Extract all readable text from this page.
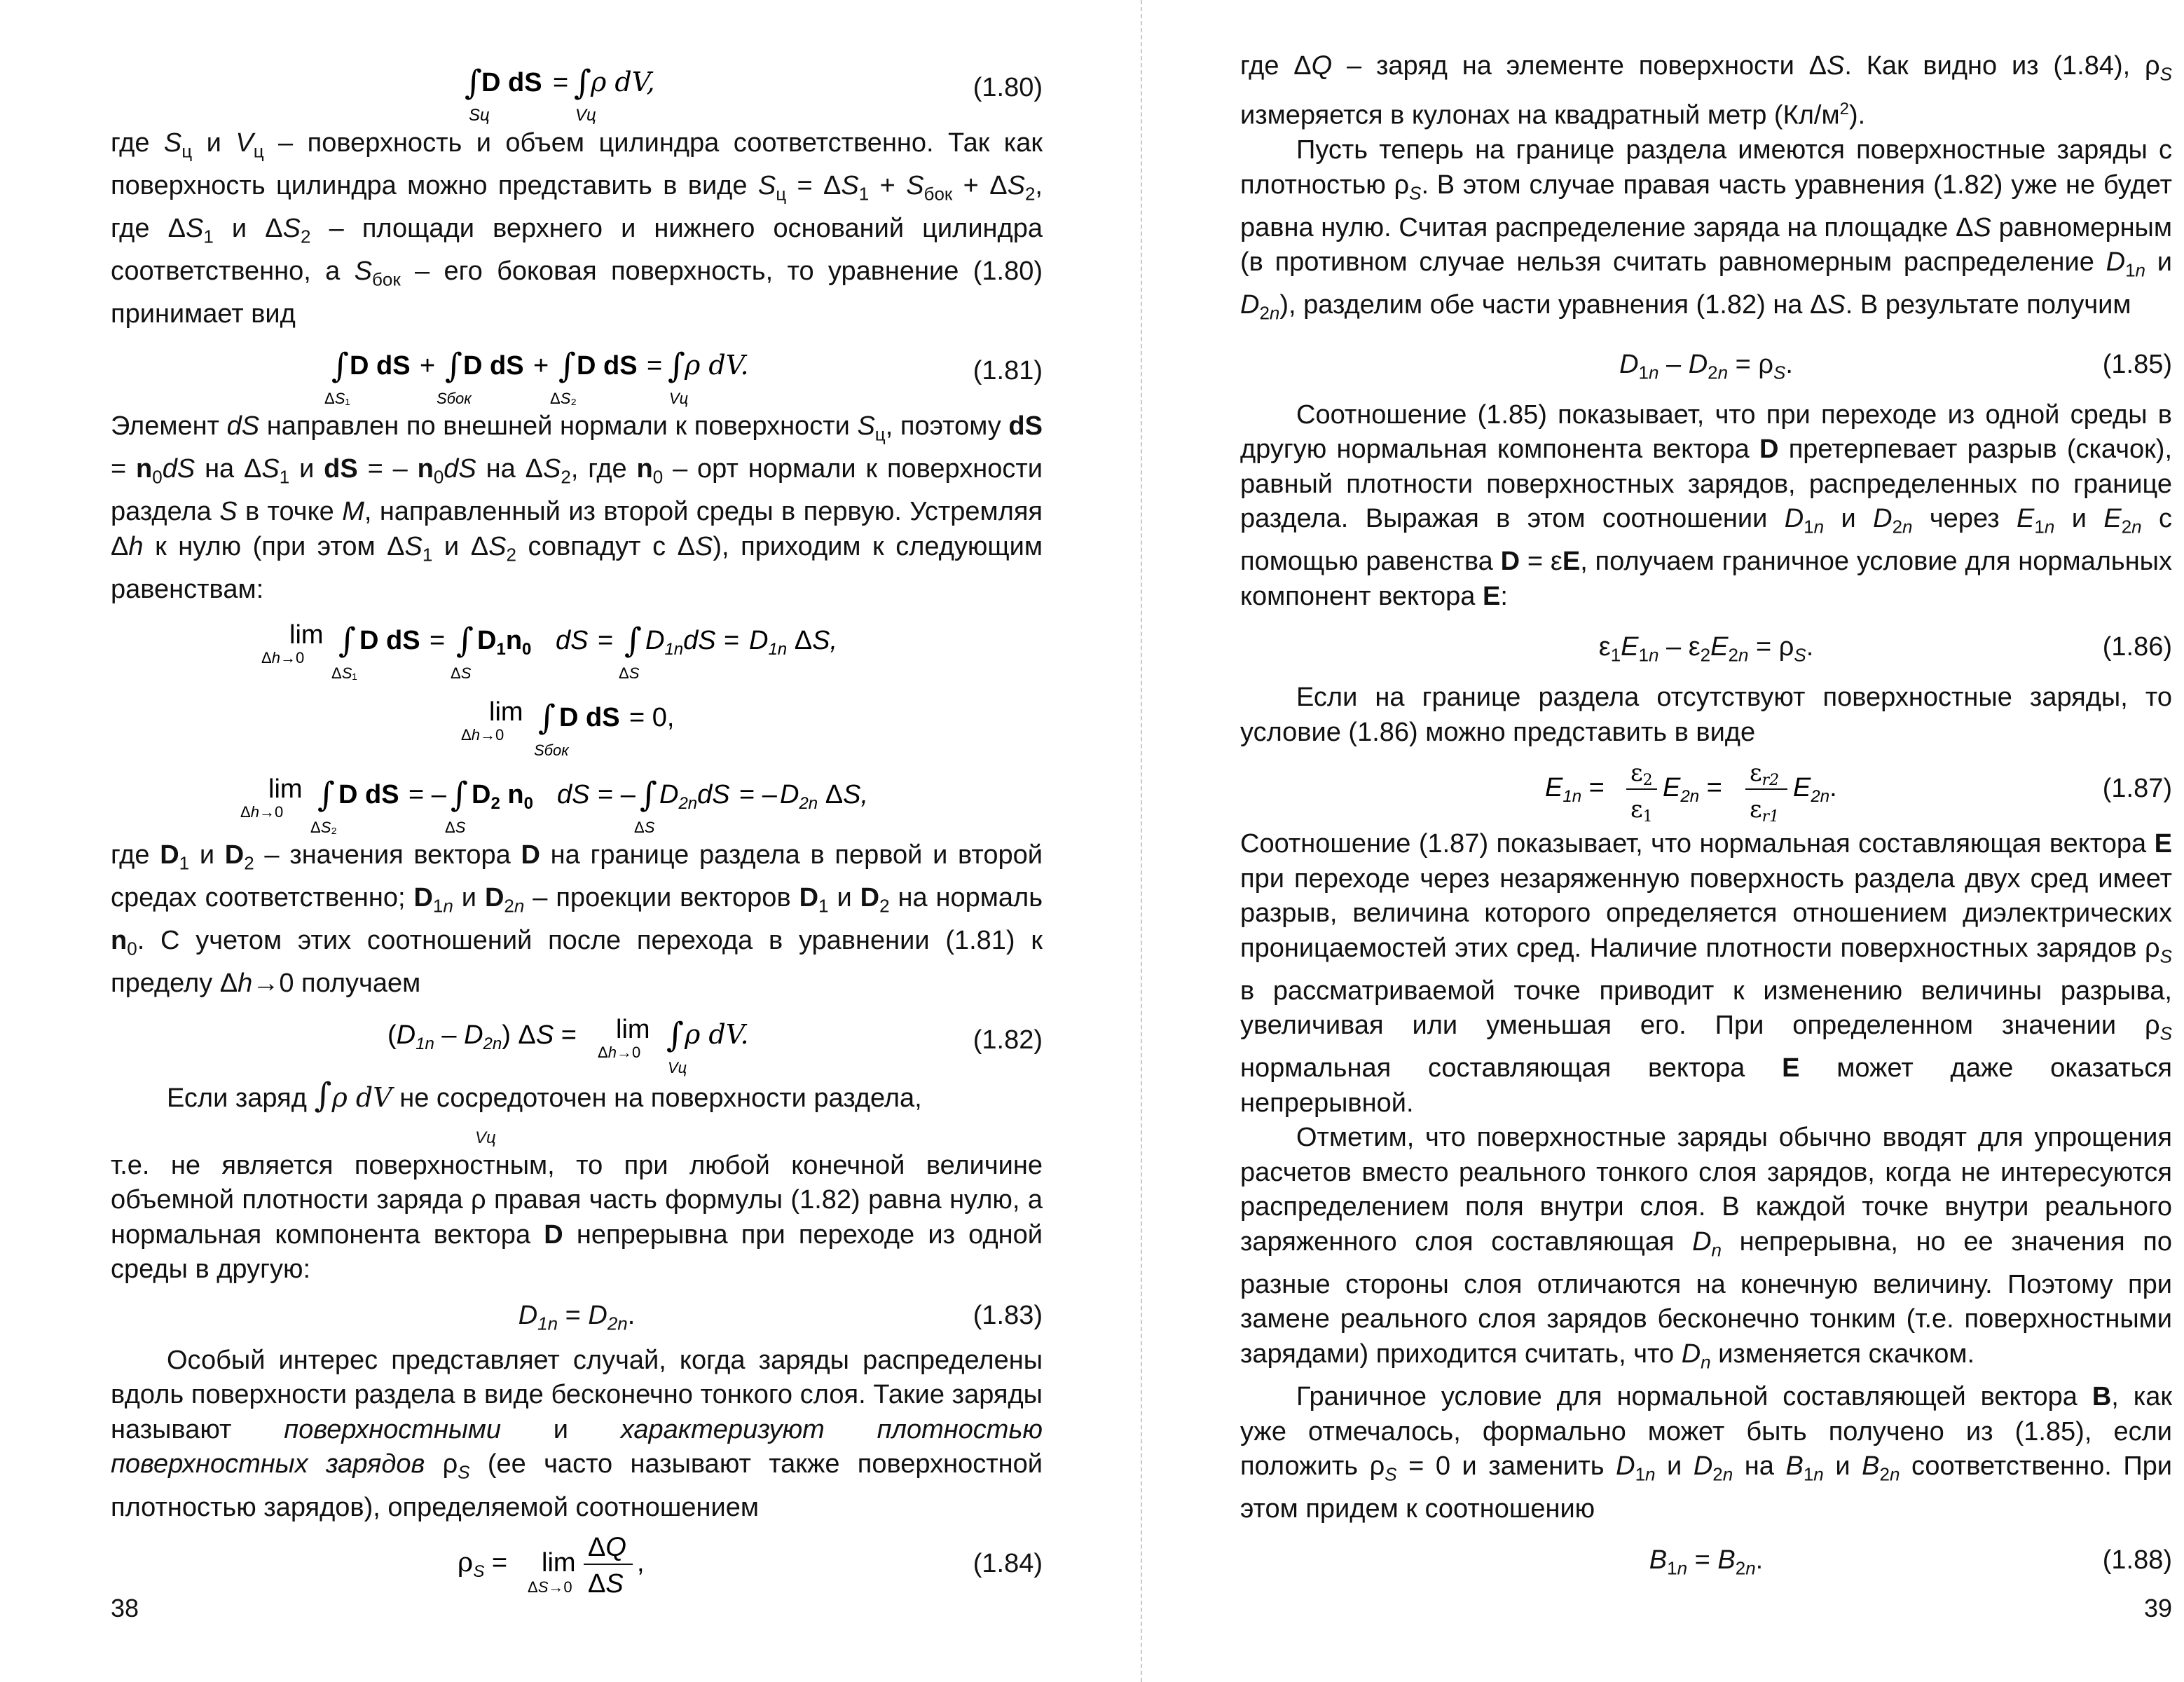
∫
D dS = ∫
ρ dV,
Sц	Vц
(1.80)

где $S_ц$ и $V_ц$ – поверхность и объем цилиндра соответственно. Так как поверхность цилиндра можно представить в виде $S_ц = \Delta S_1 + S_{бок} + \Delta S_2$, где $\Delta S_1$ и $\Delta S_2$ – площади верхнего и нижнего оснований цилиндра соответственно, а $S_{бок}$ – его боковая поверхность, то уравнение (1.80) принимает вид

∫ D dS + ∫ D dS + ∫ D dS = ∫
ρ dV.
ΔS₁	Sбок	ΔS₂	Vц
(1.81)

Элемент dS направлен по внешней нормали к поверхности $S_ц$, поэтому dS = $n_0dS$ на $\Delta S_1$ и dS = – $n_0dS$ на $\Delta S_2$, где $n_0$ – орт нормали к поверхности раздела S в точке M, направленный из второй среды в первую. Устремляя Δh к нулю (при этом $\Delta S_1$ и $\Delta S_2$ совпадут с ΔS), приходим к следующим равенствам:

lim
Δh→0 ∫
ΔS₁
D dS = ∫
ΔS
$D_1n_0$ dS = ∫
ΔS
$D_{1n}dS = D_{1n}$ ΔS,
lim
Δh→0 ∫
Sбок
D dS = 0,
lim
Δh→0 ∫
ΔS₂
D dS = – ∫
ΔS
$D_2$ $n_0$ dS = – ∫
ΔS
$D_{2n}dS$ = – $D_{2n}$ ΔS,

где $D_1$ и $D_2$ – значения вектора D на границе раздела в первой и второй средах соответственно; $D_{1n}$ и $D_{2n}$ – проекции векторов $D_1$ и $D_2$ на нормаль $n_0$. С учетом этих соотношений после перехода в уравнении (1.81) к пределу Δh→0 получаем

$(D_{1n} - D_{2n}) \Delta S = \lim$
Δh→0 ∫
Vц
ρ dV.	(1.82)
Если заряд ∫ρ dV не сосредоточен на поверхности раздела,
Vц

т.е. не является поверхностным, то при любой конечной величине объемной плотности заряда ρ правая часть формулы (1.82) равна нулю, а нормальная компонента вектора D непрерывна при переходе из одной среды в другую:

$D_{1n} = D_{2n}$.	(1.83)

Особый интерес представляет случай, когда заряды распределены вдоль поверхности раздела в виде бесконечно тонкого слоя. Такие заряды называют поверхностными и характеризуют плотностью поверхностных зарядов $\rho_S$ (ее часто называют также поверхностной плотностью зарядов), определяемой соотношением

$\rho_S = \lim$
ΔS→0
ΔQ
ΔS
,	(1.84)
38

где ΔQ – заряд на элементе поверхности ΔS. Как видно из (1.84), $\rho_S$ измеряется в кулонах на квадратный метр $(Кл/м^2)$.

Пусть теперь на границе раздела имеются поверхностные заряды с плотностью $\rho_S$. В этом случае правая часть уравнения (1.82) уже не будет равна нулю. Считая распределение заряда на площадке ΔS равномерным (в противном случае нельзя считать равномерным распределение $D_{1n}$ и $D_{2n}$), разделим обе части уравнения (1.82) на ΔS. В результате получим

$D_{1n} - D_{2n} = \rho_S$.	(1.85)

Соотношение (1.85) показывает, что при переходе из одной среды в другую нормальная компонента вектора D претерпевает разрыв (скачок), равный плотности поверхностных зарядов, распределенных по границе раздела. Выражая в этом соотношении $D_{1n}$ и $D_{2n}$ через $E_{1n}$ и $E_{2n}$ с помощью равенства D = εE, получаем граничное условие для нормальных компонент вектора E:

$\varepsilon_1E_{1n} - \varepsilon_2E_{2n} = \rho_S$.	(1.86)

Если на границе раздела отсутствуют поверхностные заряды, то условие (1.86) можно представить в виде

$E_{1n} = \varepsilon 2$
ε1
$E_{2n} = \varepsilon r2$
εr1
$E_{2n}$.	(1.87)

Соотношение (1.87) показывает, что нормальная составляющая вектора E при переходе через незаряженную поверхность раздела двух сред имеет разрыв, величина которого определяется отношением диэлектрических проницаемостей этих сред. Наличие плотности поверхностных зарядов $\rho_S$ в рассматриваемой точке приводит к изменению величины разрыва, увеличивая или уменьшая его. При определенном значении $\rho_S$ нормальная составляющая вектора E может даже оказаться непрерывной.

Отметим, что поверхностные заряды обычно вводят для упрощения расчетов вместо реального тонкого слоя зарядов, когда не интересуются распределением поля внутри слоя. В каждой точке внутри реального заряженного слоя составляющая $D_n$ непрерывна, но ее значения по разные стороны слоя отличаются на конечную величину. Поэтому при замене реального слоя зарядов бесконечно тонким (т.е. поверхностными зарядами) приходится считать, что $D_n$ изменяется скачком.

Граничное условие для нормальной составляющей вектора B, как уже отмечалось, формально может быть получено из (1.85), если положить $\rho_S = 0$ и заменить $D_{1n}$ и $D_{2n}$ на $B_{1n}$ и $B_{2n}$ соответственно. При этом придем к соотношению

$B_{1n} = B_{2n}$.	(1.88)
39
